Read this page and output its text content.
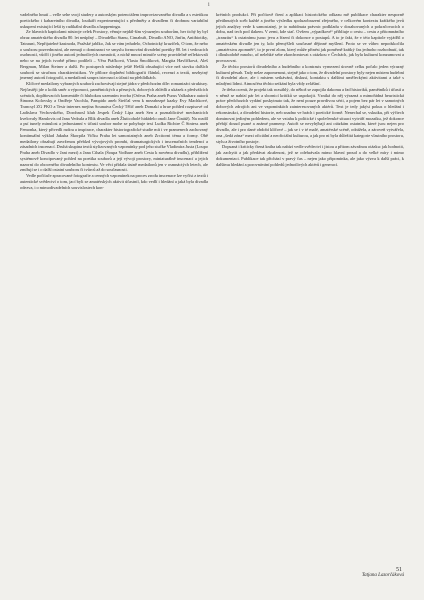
i

vadelného hnutí – velle sehe svojí studery a autorským potenciálem improvizovaného divadla a s estetikou poetického i kabaretního divadla, loutkáři experimentující s předměty a divadlem či drobnou variabilní uskupení existující leští ty radikální divadla a happeningu.

Ze hlavních kapitolami nástroje celek Prostory, věnuje nejdál-ším výrazným souborům, her tichý by byl obraz amatérského divadla 80. let neúplný – Divadélko Stanu, Cimabuři, Divadlo ANO, Jinfin, Antibiotiky, Tatrauni, Nepřijatelné kasinoda, Pražské jablko, Jak se vám jedudelo, Ochotnický kruzíček, O tom, že nebo o souboru pozvednostní, ale nemají o dominanci ve smyslu formování divadelní poetiky 80. let i vedoucích osobností, vůdčí i jiného autorů jednotlivých osmnáctí, z nichž mnozí mimiče scény pravidelně reflektovali nebo se na jejich tvorbě přímo podíleli – Věra Ptáčková, Vlasta Šmolíková, Margita Havlíčková, Aleš Bergman, Milan Šteiner a další. Po postupech následuje ještě Hešlů obsahující více než stovku dalších souborů se stručnou charakteristikou. Ve příloze doplnění bibliografii článků, recenzí a textů, nezbytný jmenný autorů fotografií, a medailonů souprs istecnací a účastí na přehlídkách.

Klíčové medailony vybraných souborů zachovávají stejné jádra v předchozím díle: romanizáci struktury. Nejčastěji jde o kolik směr a výpomoci, pamětnických a přesných, dobových zhlédli a ukázek z předválcích scénách, doplňovacích komentáře či hlubokou uzemním tvorba (Orfeus Praha aneb Purus Valkuharz autorů Šimona Kolovsky a Ondřeje Vacchla, Pampido aneb Štefčal vem k mezabezpé kazky Evy Machkové, Trancsyl ZG PKO a Tesir internes mejína Sounaiva Čecký Tělič aneb Domakí a hrue pohled rozpisové od Ladislava Vechovského, Dorohnosl klub Jespek Český Lípa aneb Sen a poznaldictivé mechanicích kvelovaly Hamlovis od Jana Vedrala a Blik divadla aneb Žluticoholé hidádelo onoli Jane Činátž). Na rozdíl a psí tunely minulost a jednostanní v účastí soubor mohe se pohybuje texí Ludka Richtre Č Sintess aneb Femonka, který přivedli rudou a inspirace, charakter historiografické studie mít i ve pramenech zachovaný kontinuální výklad Jakuba Škorpila Vičku Praha let samostatných aneb Zrcitorni téma a formy. Obě medailony obsahují zavrženou přeblzd vývojových prombi, dramaturgických i inscenačních tendencí a zásadních inscenací. Druhá skupina textů stylizovaných vzpomínky pod jeho stučke Vladimíra Justa (Loupo Praha aneb Divadlo v Jani mezi) a Jana Cihala (Šoupa Vodhare aneb Cesta k novému divadlu), přiblížení systémově koncipovaný pohled na poetika souborů a její vývoji prostory, miniaturálně inscenací a jejich nazorní do oboceného divadelního kontextu. Ve věci přídala ústně medailonů jen v osmnáctých letech, ale zmířují se i o další ostatní souboru či tvůrců až do současnosti.

Vedle počítače zpracované fotografie a cenných vzpomínek na proces zrodu inscenace lze vyčíst z textů i autentické svědectví o tom, jací byli se amatérských aktivit účastníí, kdo vedlí i hledání a jaká byla divadla odezva, i o mimodivadelních souvislostech kon-

krétních produkcí. Při počítově čtení a aplikaci historického odkazu mě publikace charakter nesporně přetíhnutých scéb každé a jiného výsledku spoluzobrazení zřejmého, v celkovém kontextu krátkého jevů jejich analýzy vede k samostatný, je to nabídnuta právnic podkladu v dosahovaných a pokračovacích o dobu, nad tech pod tlakem. V zemi, kde stať. Ovšem „výpadkové“ přibliuje o cestu – cestu z přitomnáního „tranzitu“ k ostatnímu jsouc jevu a řízení či dokonce o postupů. A to je fakt, že v této kapitole vyjádřil o amatérském divadle jen ty, kdo přemýšleli současné dějinné myšlení. Proto se ve vůbec nepodskočila „amatérstvu zpomnět“, to je první zlom, který může přinést jak poměrně krátký čas jednoho rozhodnutí, tak i dlouhodobě mnoho, ač nelehké sebe zkonfrontovat s otázkou v Čechách, jak byla kulturní konzumovat a provozovat.

Že těchto prostorů divadelního a hudebního a kontrasts vymezení úrovně celku počalo jeden výrazný kulturní přesah. Tady nelze zapomenout, stejně jako o tom, že divadelní prostory byly nejen místem hudební či divadelní akce, ale i místem setkávání, diskusí, kontaktu s dalšími uměleckými aktivitami a také s mladými lidmi. Atmosféra těchto setkání byla vždy zvláštní.

Je třeba ocenit, že projekt tak rozsáhlý, do něhož se zapojila dakomu a řad historiků, pamětníků i účastí a v němž se nabízí pár let a sbornicí kritiků se uspokojit. Vzniká do něj výrazná a mimořádná heuristická práce předchozích vydání poskytnuto tak, že není pouze pravdivou sérii, a pojem bez pár let v samotných dobových zdrojích ani ve vzpomínkách zainteresovaných aktérů. Text je tedy jakýsi pokus o hledání i rekonstrukci, a divadelní historie, neb snadno ve hrách i poetické formě. Nenechal se, vskutku, při výčtech dominovat jediným pohledem, ale ve vztahu k politické i společenské situaci vytváří mozaiku, jež dokonce přebíjí dosud psané a známé prameny. Autoři se nevyhýbají ani otázkám ostatním, které jsou nejen pro divadlo, ale i pro dané období klíčové – jak se i v té malé, amatérské scéně, odrážela, a zároveň vytvářela, ona „šedá zóna“ mezi oficiální a neoficiální kulturou, a jak pro ni byla důležitá kategorie vlastního prostoru, stylu a životního postoje.

Dopsaná i kriticky čtená kniha tak nabízí vedle svědectví i jistou a přitom závažnou otázku: jak hodnotit, jak zachytit a jak předávat zkušenost, jež se odehrávala mimo hlavní proud a do velké míry i mimo dokumentaci. Publikace tak přichází v pravý čas – nejen jako připomínka, ale jako výzva k další práci, k dalšímu hledání a porovnávání pohledů jednotlivých aktérů i generací.

Tatjana Lazorčáková
51
